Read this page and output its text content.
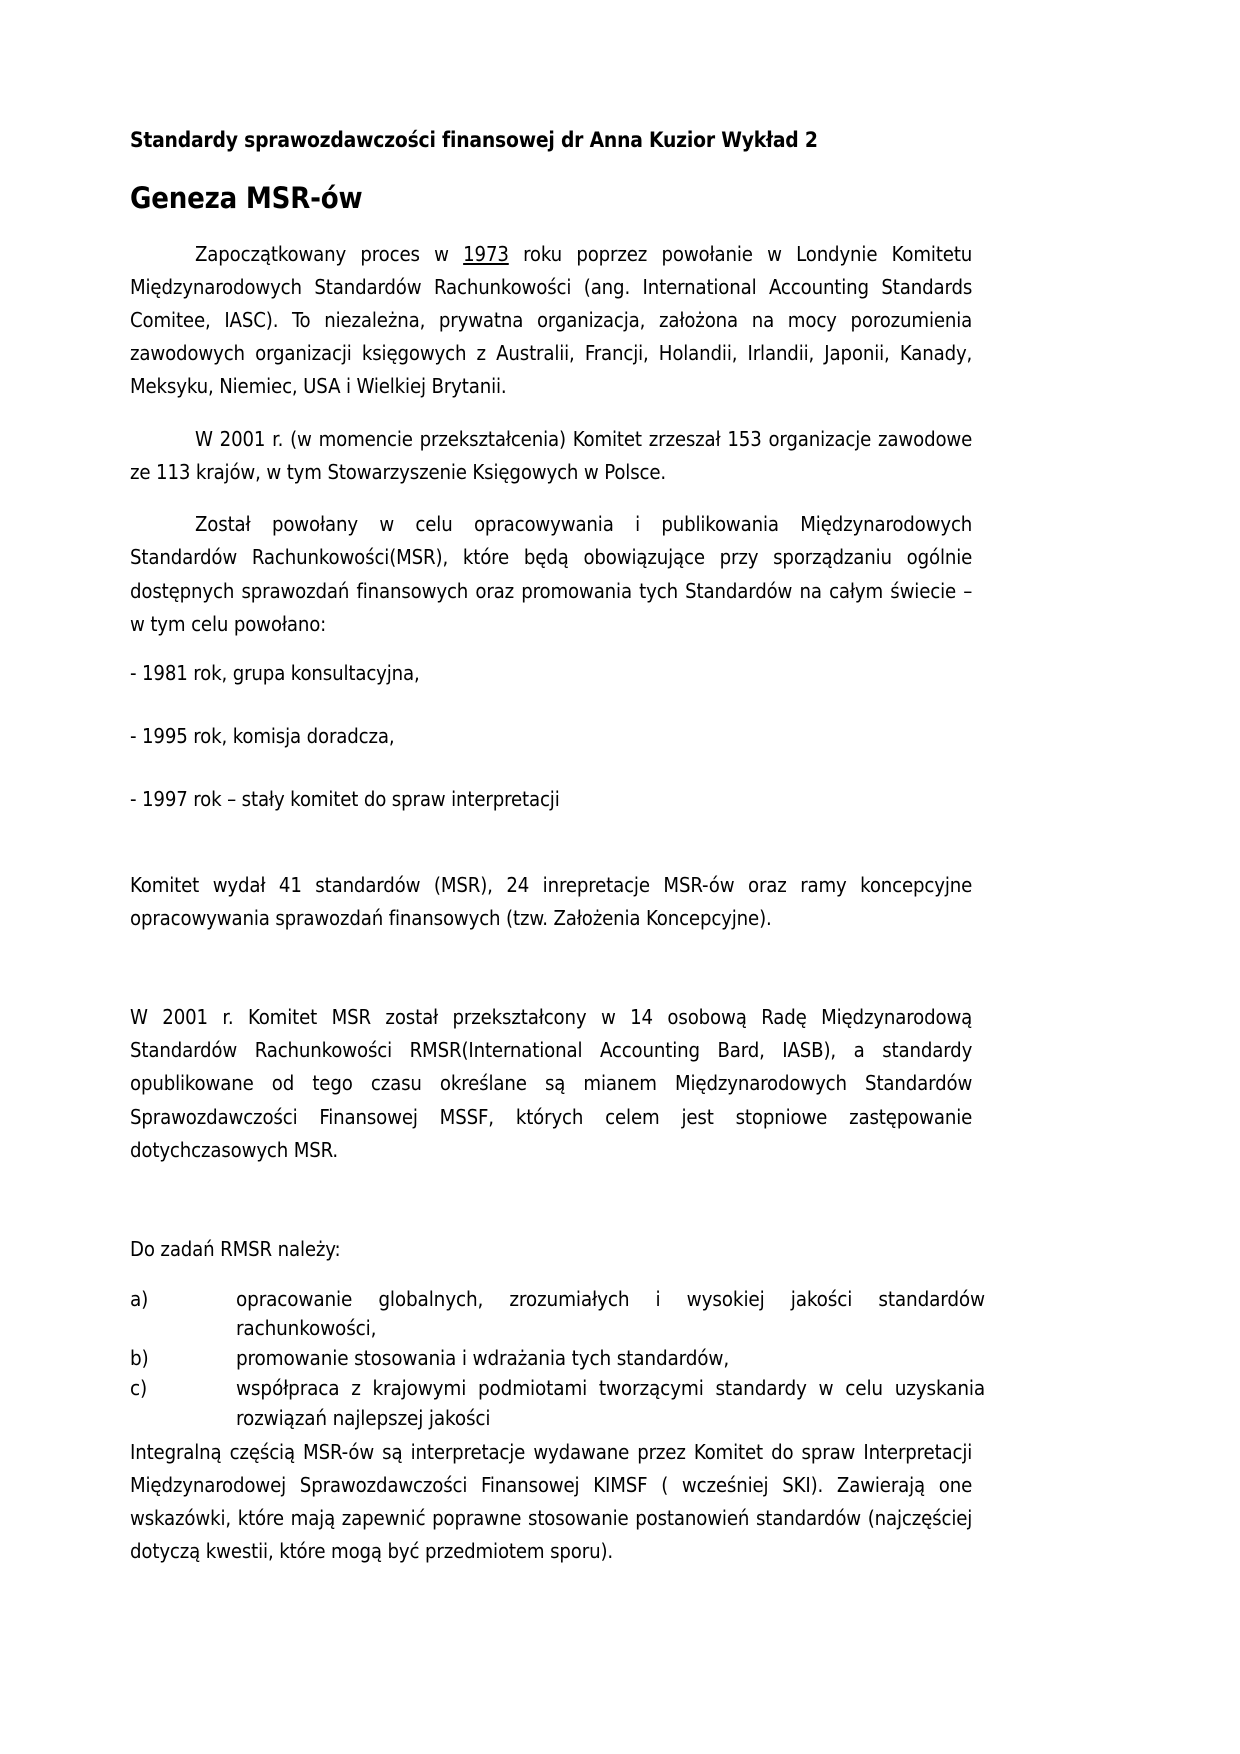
Standardy sprawozdawczości finansowej dr Anna Kuzior Wykład 2
Geneza MSR-ów

Zapoczątkowany proces w 1973 roku poprzez powołanie w Londynie Komitetu Międzynarodowych Standardów Rachunkowości (ang. International Accounting Standards Comitee, IASC). To niezależna, prywatna organizacja, założona na mocy porozumienia zawodowych organizacji księgowych z Australii, Francji, Holandii, Irlandii, Japonii, Kanady, Meksyku, Niemiec, USA i Wielkiej Brytanii.

W 2001 r. (w momencie przekształcenia) Komitet zrzeszał 153 organizacje zawodowe ze 113 krajów, w tym Stowarzyszenie Księgowych w Polsce.

Został powołany w celu opracowywania i publikowania Międzynarodowych Standardów Rachunkowości(MSR), które będą obowiązujące przy sporządzaniu ogólnie dostępnych sprawozdań finansowych oraz promowania tych Standardów na całym świecie – w tym celu powołano:

- 1981 rok, grupa konsultacyjna,

- 1995 rok, komisja doradcza,

- 1997 rok – stały komitet do spraw interpretacji

Komitet wydał 41 standardów (MSR), 24 inrepretacje MSR-ów oraz ramy koncepcyjne opracowywania sprawozdań finansowych (tzw. Założenia Koncepcyjne).

W 2001 r. Komitet MSR został przekształcony w 14 osobową Radę Międzynarodową Standardów Rachunkowości RMSR(International Accounting Bard, IASB), a standardy opublikowane od tego czasu określane są mianem Międzynarodowych Standardów Sprawozdawczości Finansowej MSSF, których celem jest stopniowe zastępowanie dotychczasowych MSR.

Do zadań RMSR należy:

a)	opracowanie globalnych, zrozumiałych i wysokiej jakości standardów rachunkowości,
b)	promowanie stosowania i wdrażania tych standardów,
c)	współpraca z krajowymi podmiotami tworzącymi standardy w celu uzyskania rozwiązań najlepszej jakości

Integralną częścią MSR-ów są interpretacje wydawane przez Komitet do spraw Interpretacji Międzynarodowej Sprawozdawczości Finansowej KIMSF ( wcześniej SKI). Zawierają one wskazówki, które mają zapewnić poprawne stosowanie postanowień standardów (najczęściej dotyczą kwestii, które mogą być przedmiotem sporu).
